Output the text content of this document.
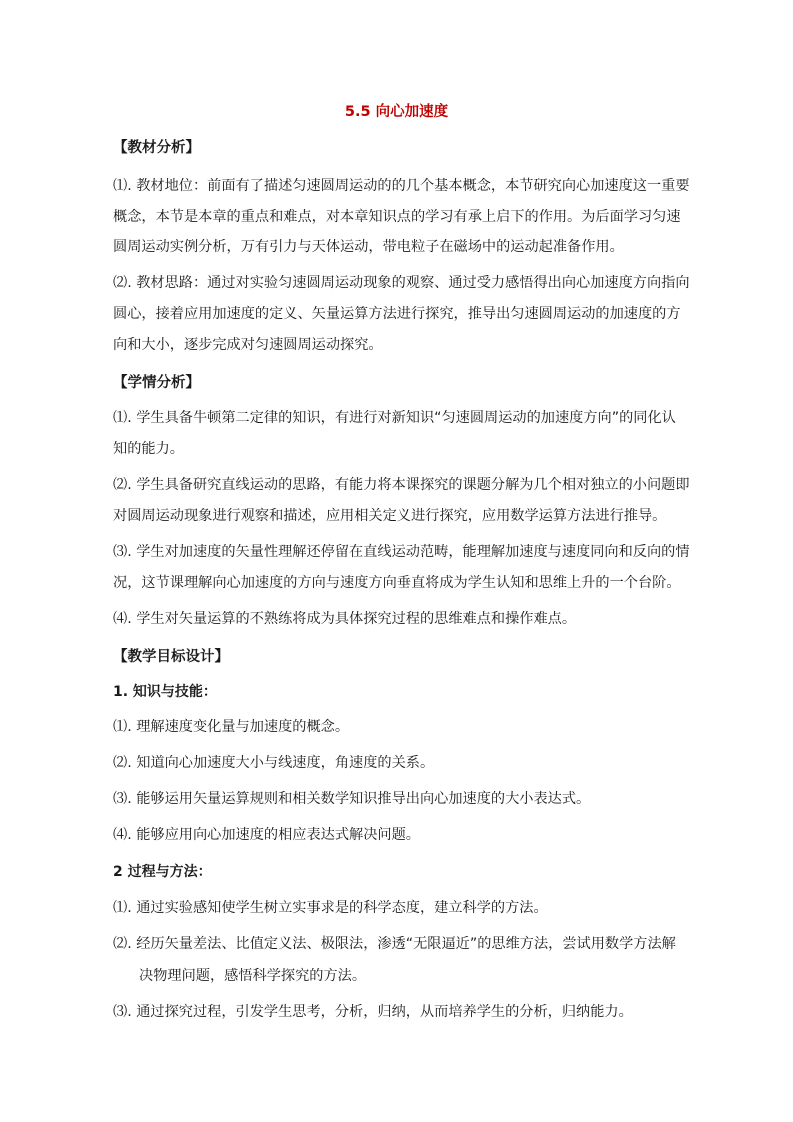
5.5 向心加速度
【教材分析】
⑴. 教材地位：前面有了描述匀速圆周运动的的几个基本概念，本节研究向心加速度这一重要
概念，本节是本章的重点和难点，对本章知识点的学习有承上启下的作用。为后面学习匀速
圆周运动实例分析，万有引力与天体运动，带电粒子在磁场中的运动起准备作用。
⑵. 教材思路：通过对实验匀速圆周运动现象的观察、通过受力感悟得出向心加速度方向指向
圆心，接着应用加速度的定义、矢量运算方法进行探究，推导出匀速圆周运动的加速度的方
向和大小，逐步完成对匀速圆周运动探究。
【学情分析】
⑴. 学生具备牛顿第二定律的知识，有进行对新知识“匀速圆周运动的加速度方向”的同化认
知的能力。
⑵. 学生具备研究直线运动的思路，有能力将本课探究的课题分解为几个相对独立的小问题即
对圆周运动现象进行观察和描述，应用相关定义进行探究，应用数学运算方法进行推导。
⑶. 学生对加速度的矢量性理解还停留在直线运动范畴，能理解加速度与速度同向和反向的情
况，这节课理解向心加速度的方向与速度方向垂直将成为学生认知和思维上升的一个台阶。
⑷. 学生对矢量运算的不熟练将成为具体探究过程的思维难点和操作难点。
【教学目标设计】
1. 知识与技能：
⑴. 理解速度变化量与加速度的概念。
⑵. 知道向心加速度大小与线速度，角速度的关系。
⑶. 能够运用矢量运算规则和相关数学知识推导出向心加速度的大小表达式。
⑷. 能够应用向心加速度的相应表达式解决问题。
2 过程与方法：
⑴. 通过实验感知使学生树立实事求是的科学态度，建立科学的方法。
⑵. 经历矢量差法、比值定义法、极限法，渗透“无限逼近”的思维方法，尝试用数学方法解
决物理问题，感悟科学探究的方法。
⑶. 通过探究过程，引发学生思考，分析，归纳，从而培养学生的分析，归纳能力。
